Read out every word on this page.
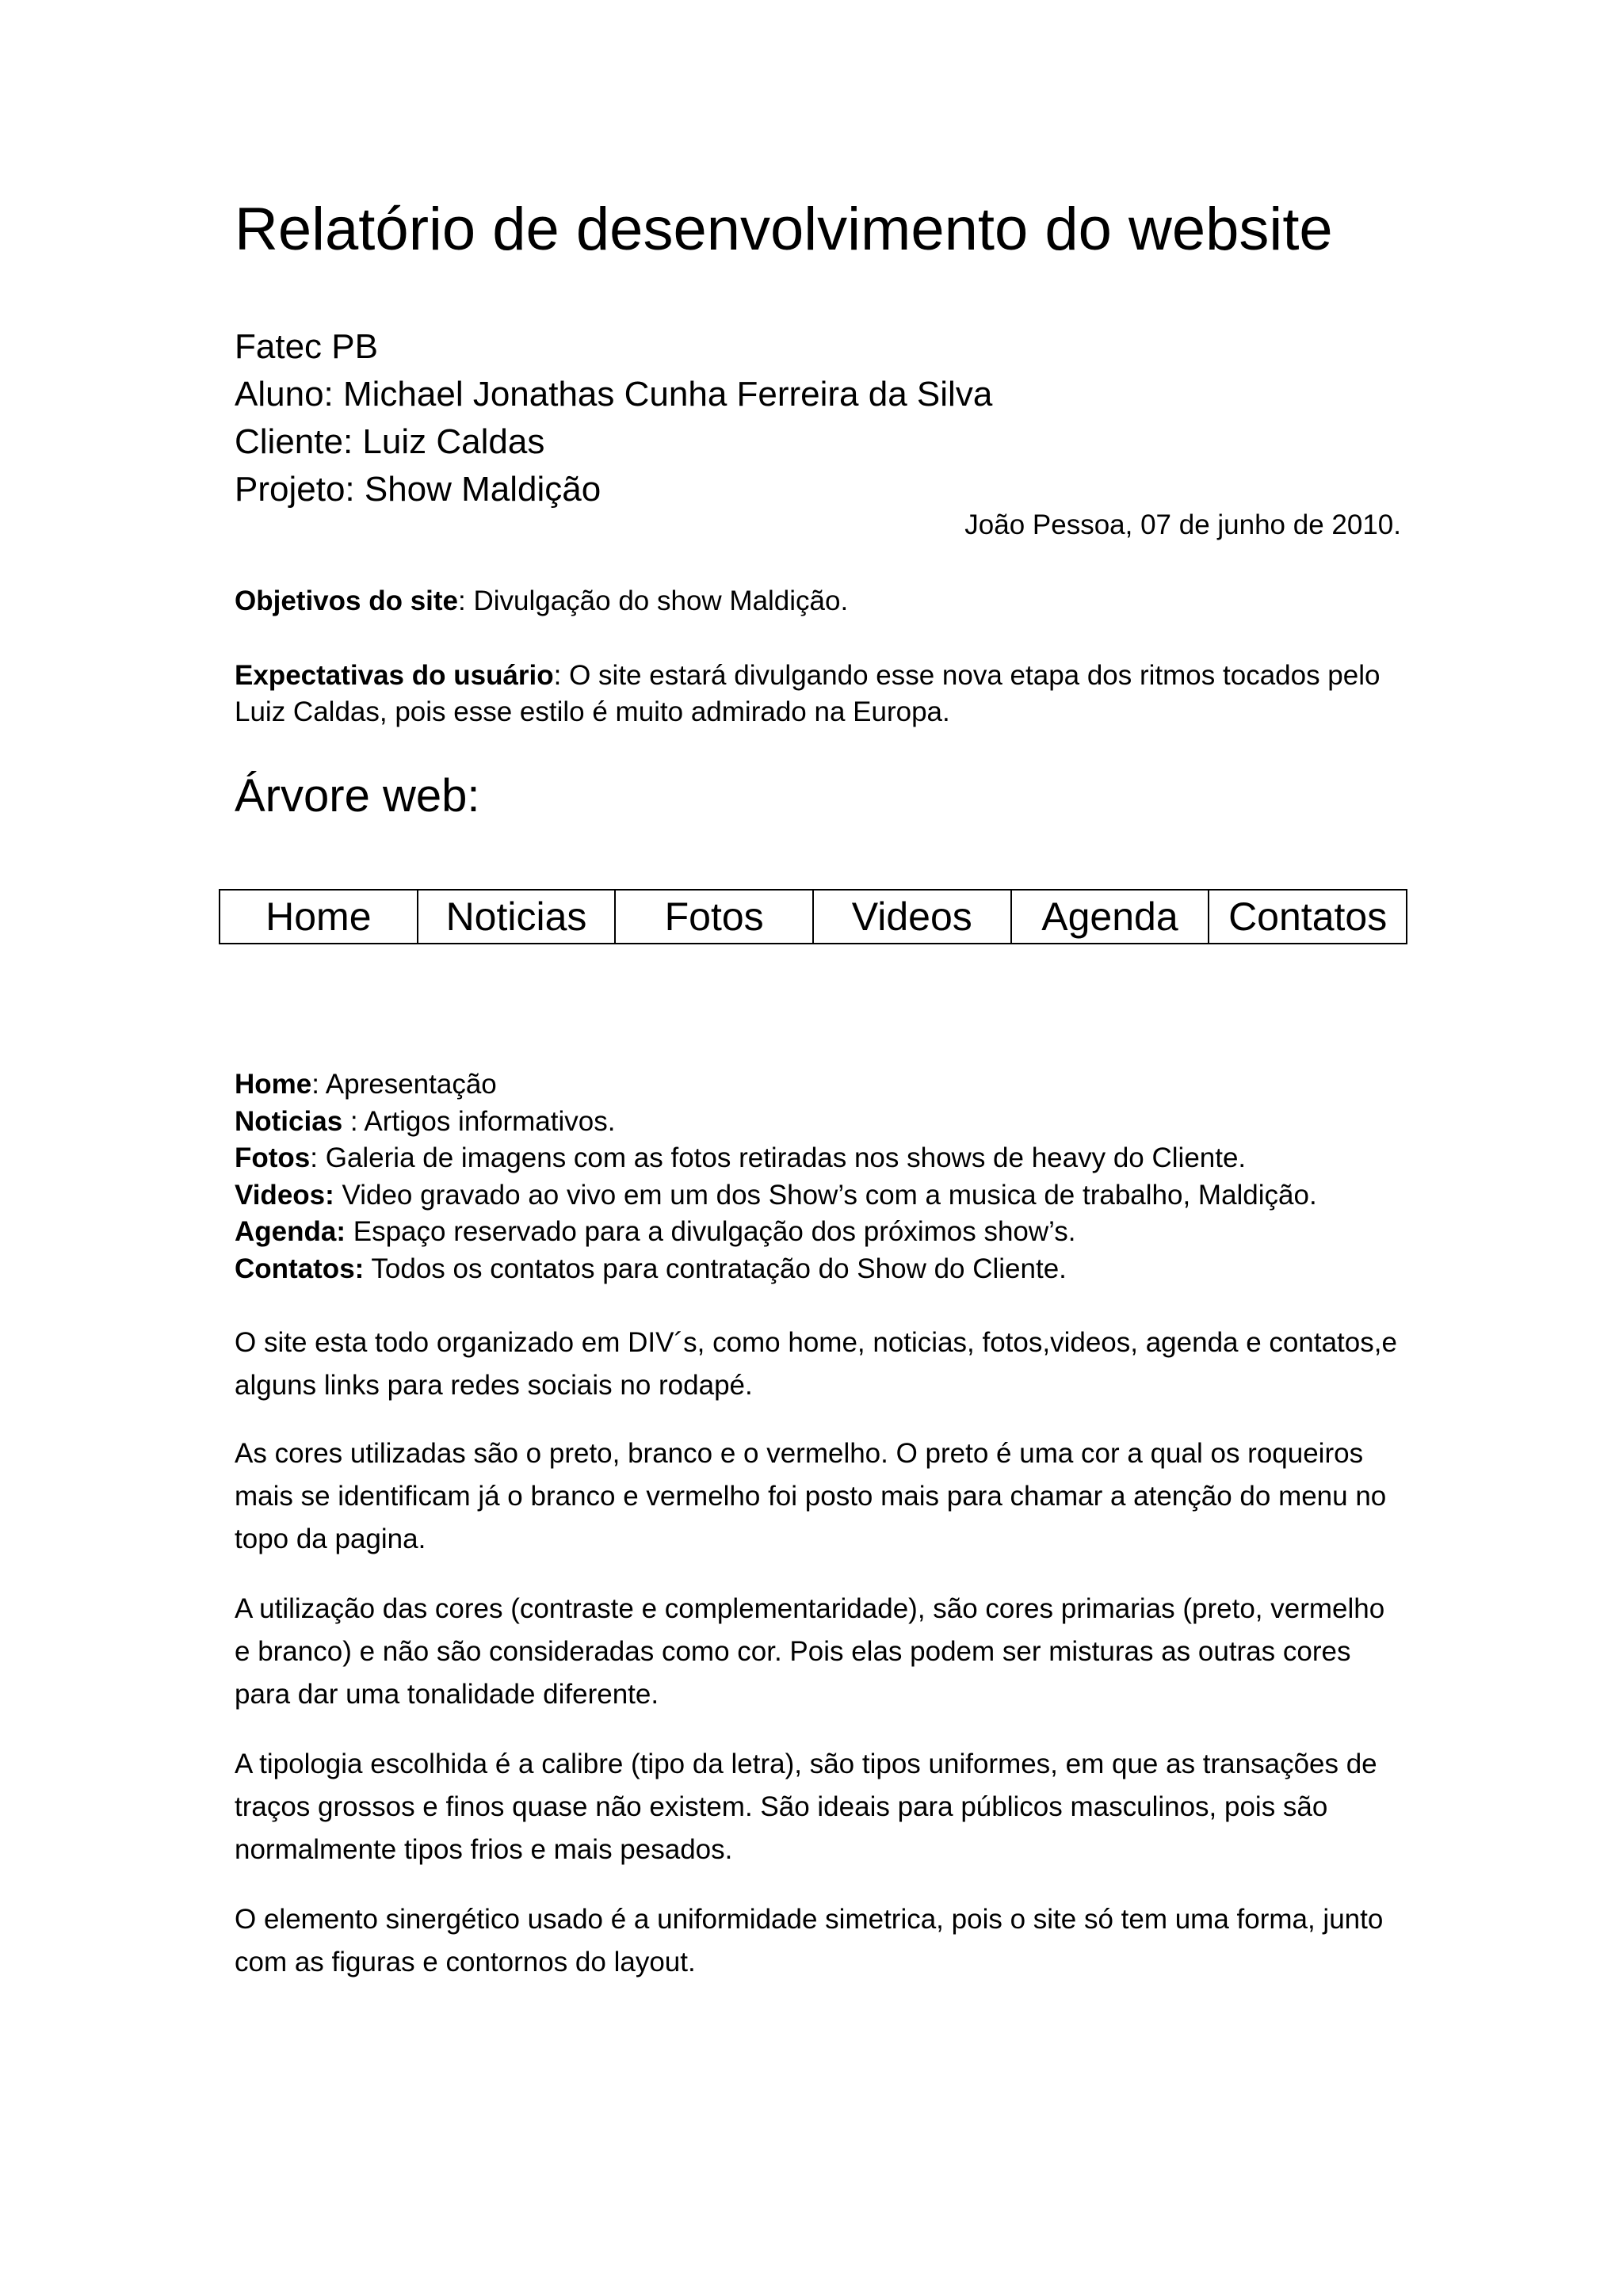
Relatório de desenvolvimento do website
Fatec PB
Aluno: Michael Jonathas Cunha Ferreira da Silva
Cliente: Luiz Caldas
Projeto: Show Maldição
João Pessoa, 07 de junho de 2010.
Objetivos do site: Divulgação do show Maldição.
Expectativas do usuário: O site estará divulgando esse nova etapa dos ritmos tocados pelo Luiz Caldas, pois esse estilo é muito admirado na Europa.
Árvore web:
Home	Noticias	Fotos	Videos	Agenda	Contatos
Home: Apresentação
Noticias : Artigos informativos.
Fotos: Galeria de imagens com as fotos retiradas nos shows de heavy do Cliente.
Videos: Video gravado ao vivo em um dos Show’s com a musica de trabalho, Maldição.
Agenda: Espaço reservado para a divulgação dos próximos show’s.
Contatos: Todos os contatos para contratação do Show do Cliente.

O site esta todo organizado em DIV´s, como home, noticias, fotos,videos, agenda e contatos,e alguns links para redes sociais no rodapé.

As cores utilizadas são o preto, branco e o vermelho. O preto é uma cor a qual os roqueiros mais se identificam já o branco e vermelho foi posto mais para chamar a atenção do menu no topo da pagina.

A utilização das cores (contraste e complementaridade), são cores primarias (preto, vermelho e branco) e não são consideradas como cor. Pois elas podem ser misturas as outras cores para dar uma tonalidade diferente.

A tipologia escolhida é a calibre (tipo da letra), são tipos uniformes, em que as transações de traços grossos e finos quase não existem. São ideais para públicos masculinos, pois são normalmente tipos frios e mais pesados.

O elemento sinergético usado é a uniformidade simetrica, pois o site só tem uma forma, junto com as figuras e contornos do layout.
